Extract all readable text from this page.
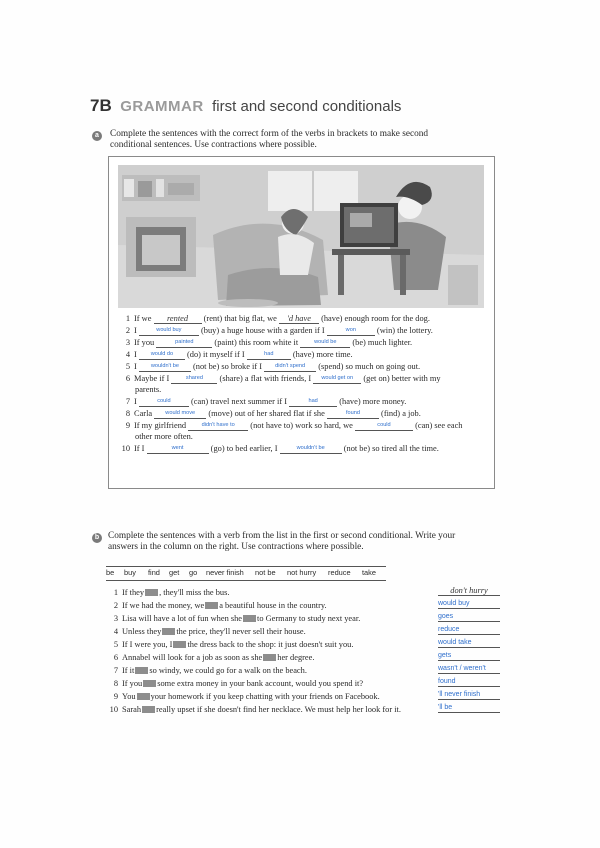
7B GRAMMAR first and second conditionals
a	Complete the sentences with the correct form of the verbs in brackets to make second
conditional sentences. Use contractions where possible.
1 If we rented (rent) that big flat, we 'd have (have) enough room for the dog.
2 I	would buy (buy) a huge house with a garden if I	won (win) the lottery.
3 If you	painted (paint) this room white it would be (be) much lighter.
4 I would do (do) it myself if I	had (have) more time.
5 I wouldn't be (not be) so broke if I didn't spend (spend) so much on going out.
6 Maybe if I	shared (share) a flat with friends, I would get on (get on) better with my
parents.
7 I	could (can) travel next summer if I	had (have) more money.
8 Carla would move (move) out of her shared flat if she	found (find) a job.
9 If my girlfriend didn't have to (not have to) work so hard, we	could	(can) see each
other more often.
10 If I	went	(go) to bed earlier, I	wouldn't be (not be) so tired all the time.
b Complete the sentences with a verb from the list in the first or second conditional. Write your
answers in the column on the right. Use contractions where possible.
be buy find get go never finish not be not hurry reduce take
1 If they , they'll miss the bus.
2 If we had the money, we a beautiful house in the country.
3 Lisa will have a lot of fun when she to Germany to study next year.
4 Unless they the price, they'll never sell their house.
5 If I were you, I the dress back to the shop: it just doesn't suit you.
6 Annabel will look for a job as soon as she her degree.
7 If it so windy, we could go for a walk on the beach.
8 If you some extra money in your bank account, would you spend it?
9 You your homework if you keep chatting with your friends on Facebook.
10 Sarah really upset if she doesn't find her necklace. We must help her look for it.
don't hurry
would buy
goes
reduce
would take
gets
wasn't / weren't
found
'll never finish
'll be
